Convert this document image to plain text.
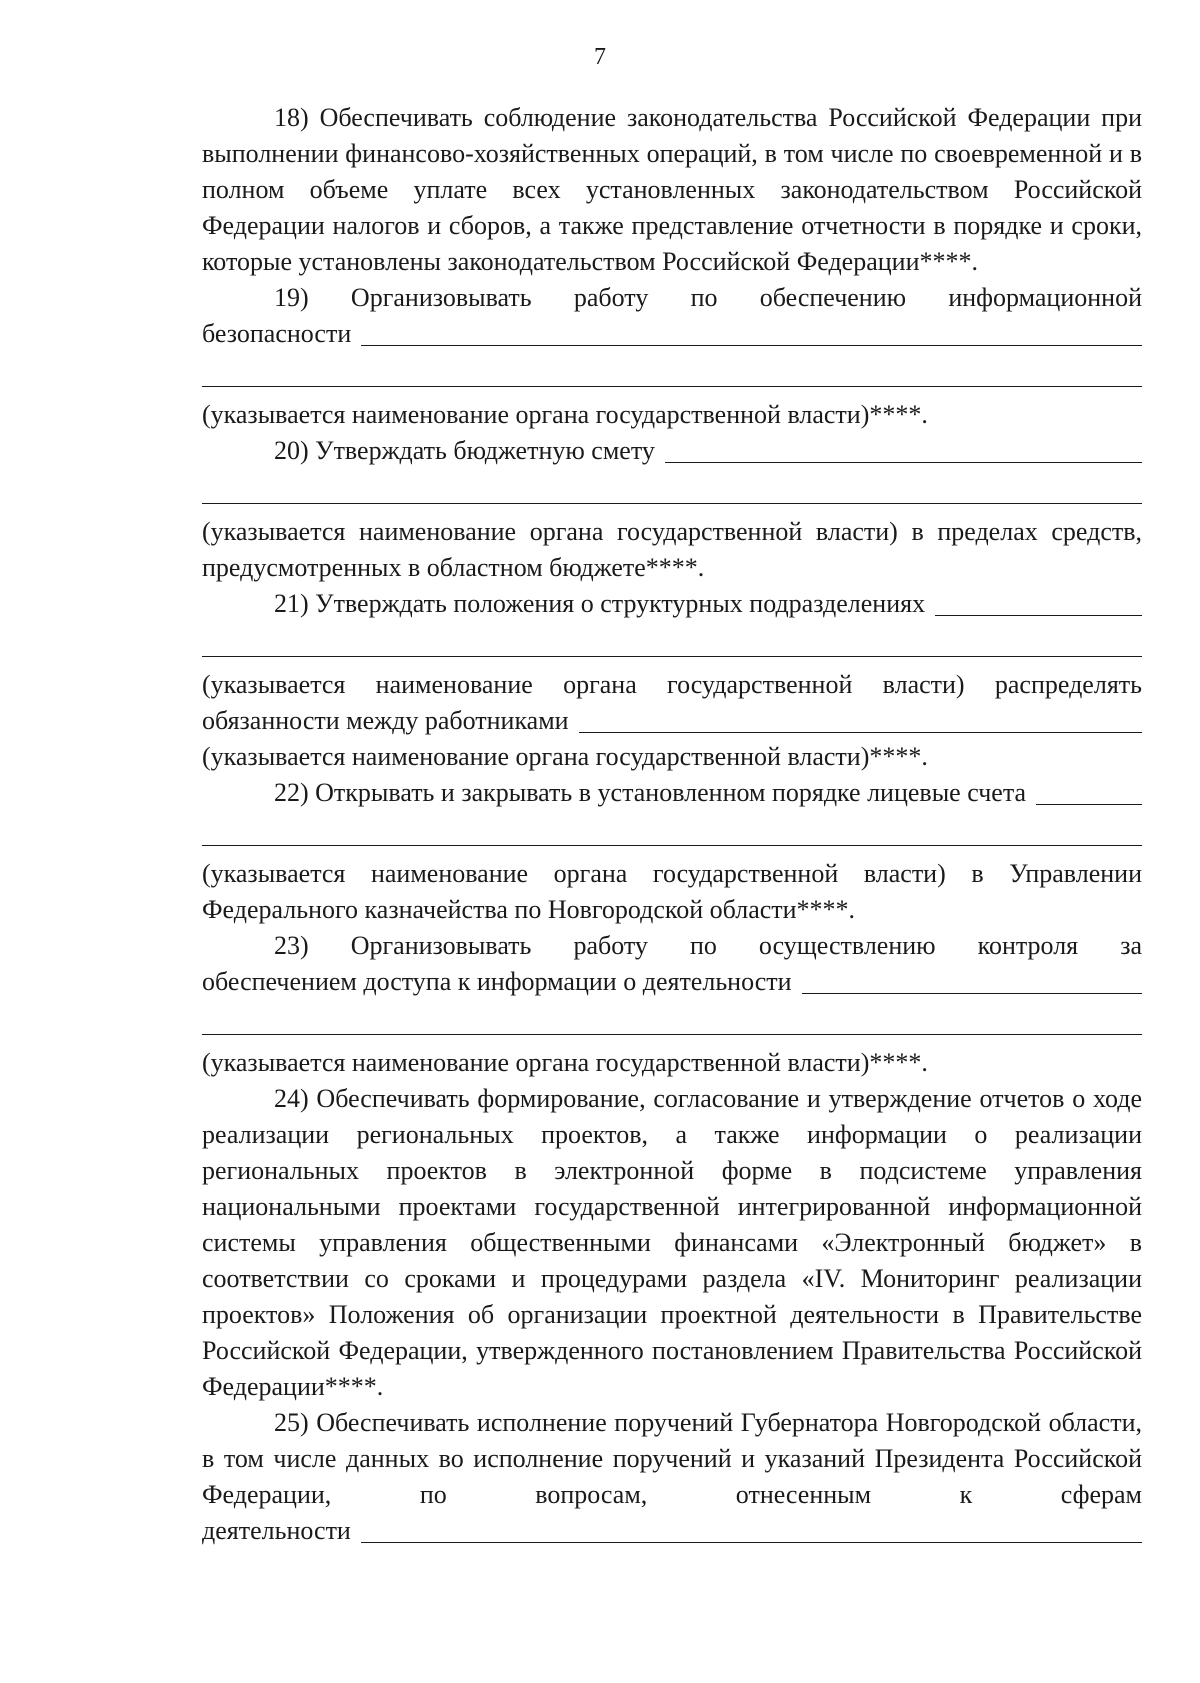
7

18) Обеспечивать соблюдение законодательства Российской Федерации при выполнении финансово-хозяйственных операций, в том числе по своевременной и в полном объеме уплате всех установленных законодательством Российской Федерации налогов и сборов, а также представление отчетности в порядке и сроки, которые установлены законодательством Российской Федерации****.

19) Организовывать работу по обеспечению информационной

безопасности

(указывается наименование органа государственной власти)****.

20) Утверждать бюджетную смету

(указывается наименование органа государственной власти) в пределах средств, предусмотренных в областном бюджете****.

21) Утверждать положения о структурных подразделениях

(указывается наименование органа государственной власти) распределять

обязанности между работниками

(указывается наименование органа государственной власти)****.

22) Открывать и закрывать в установленном порядке лицевые счета

(указывается наименование органа государственной власти) в Управлении Федерального казначейства по Новгородской области****.

23) Организовывать работу по осуществлению контроля за

обеспечением доступа к информации о деятельности

(указывается наименование органа государственной власти)****.

24) Обеспечивать формирование, согласование и утверждение отчетов о ходе реализации региональных проектов, а также информации о реализации региональных проектов в электронной форме в подсистеме управления национальными проектами государственной интегрированной информационной системы управления общественными финансами «Электронный бюджет» в соответствии со сроками и процедурами раздела «IV. Мониторинг реализации проектов» Положения об организации проектной деятельности в Правительстве Российской Федерации, утвержденного постановлением Правительства Российской Федерации****.

25) Обеспечивать исполнение поручений Губернатора Новгородской области, в том числе данных во исполнение поручений и указаний Президента Российской Федерации, по вопросам, отнесенным к сферам

деятельности
